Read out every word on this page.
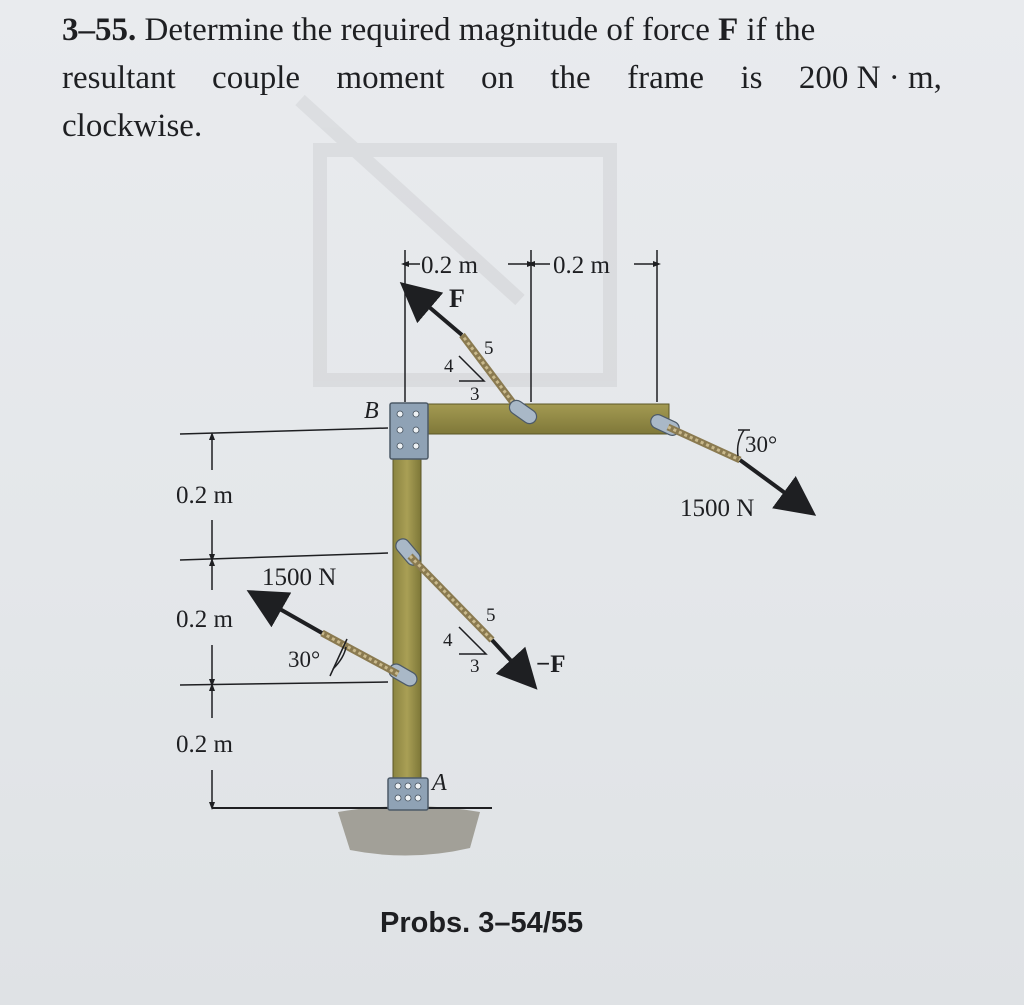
3–55. Determine the required magnitude of force F if the
resultant couple moment on the frame is 200 N · m,
clockwise.
0.2 m	0.2 m
F
4
3
5
B
30°
1500 N
0.2 m
0.2 m
0.2 m
−F
4
3
5
1500 N
30°
A
Probs. 3–54/55
